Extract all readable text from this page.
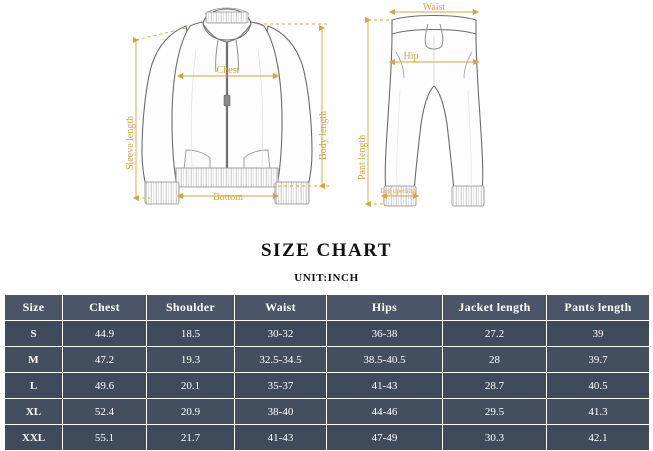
Sleeve length
Chest
Body length
Bottom
Waist
Hip
Pant length
Leg opening
SIZE CHART
UNIT:INCH
Size	Chest	Shoulder	Waist	Hips	Jacket length	Pants length
S	44.9	18.5	30-32	36-38	27.2	39
M	47.2	19.3	32.5-34.5	38.5-40.5	28	39.7
L	49.6	20.1	35-37	41-43	28.7	40.5
XL	52.4	20.9	38-40	44-46	29.5	41.3
XXL	55.1	21.7	41-43	47-49	30.3	42.1
